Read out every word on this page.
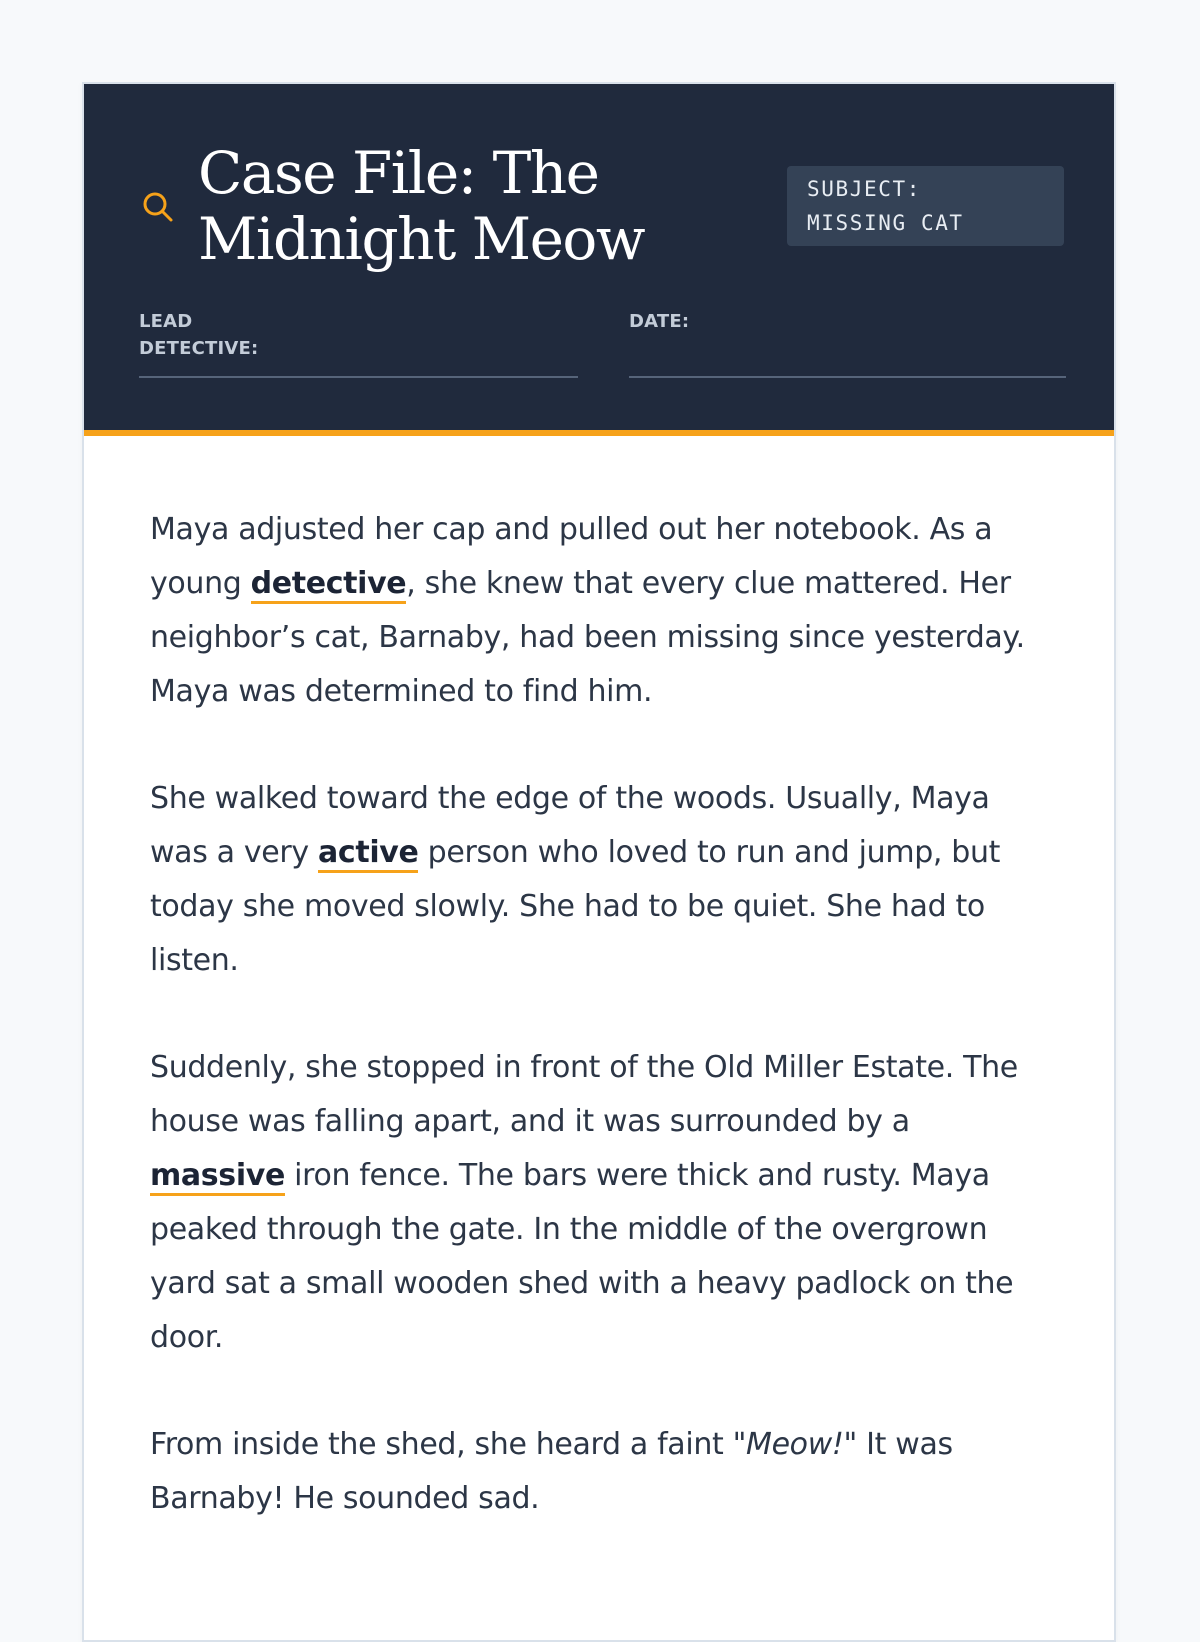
Case File: The Midnight Meow
SUBJECT:
MISSING CAT
LEAD
DETECTIVE:
DATE:

Maya adjusted her cap and pulled out her notebook. As a young detective, she knew that every clue mattered. Her neighbor’s cat, Barnaby, had been missing since yesterday. Maya was determined to find him.

She walked toward the edge of the woods. Usually, Maya was a very active person who loved to run and jump, but today she moved slowly. She had to be quiet. She had to listen.

Suddenly, she stopped in front of the Old Miller Estate. The house was falling apart, and it was surrounded by a massive iron fence. The bars were thick and rusty. Maya peaked through the gate. In the middle of the overgrown yard sat a small wooden shed with a heavy padlock on the door.

From inside the shed, she heard a faint "Meow!" It was Barnaby! He sounded sad.
